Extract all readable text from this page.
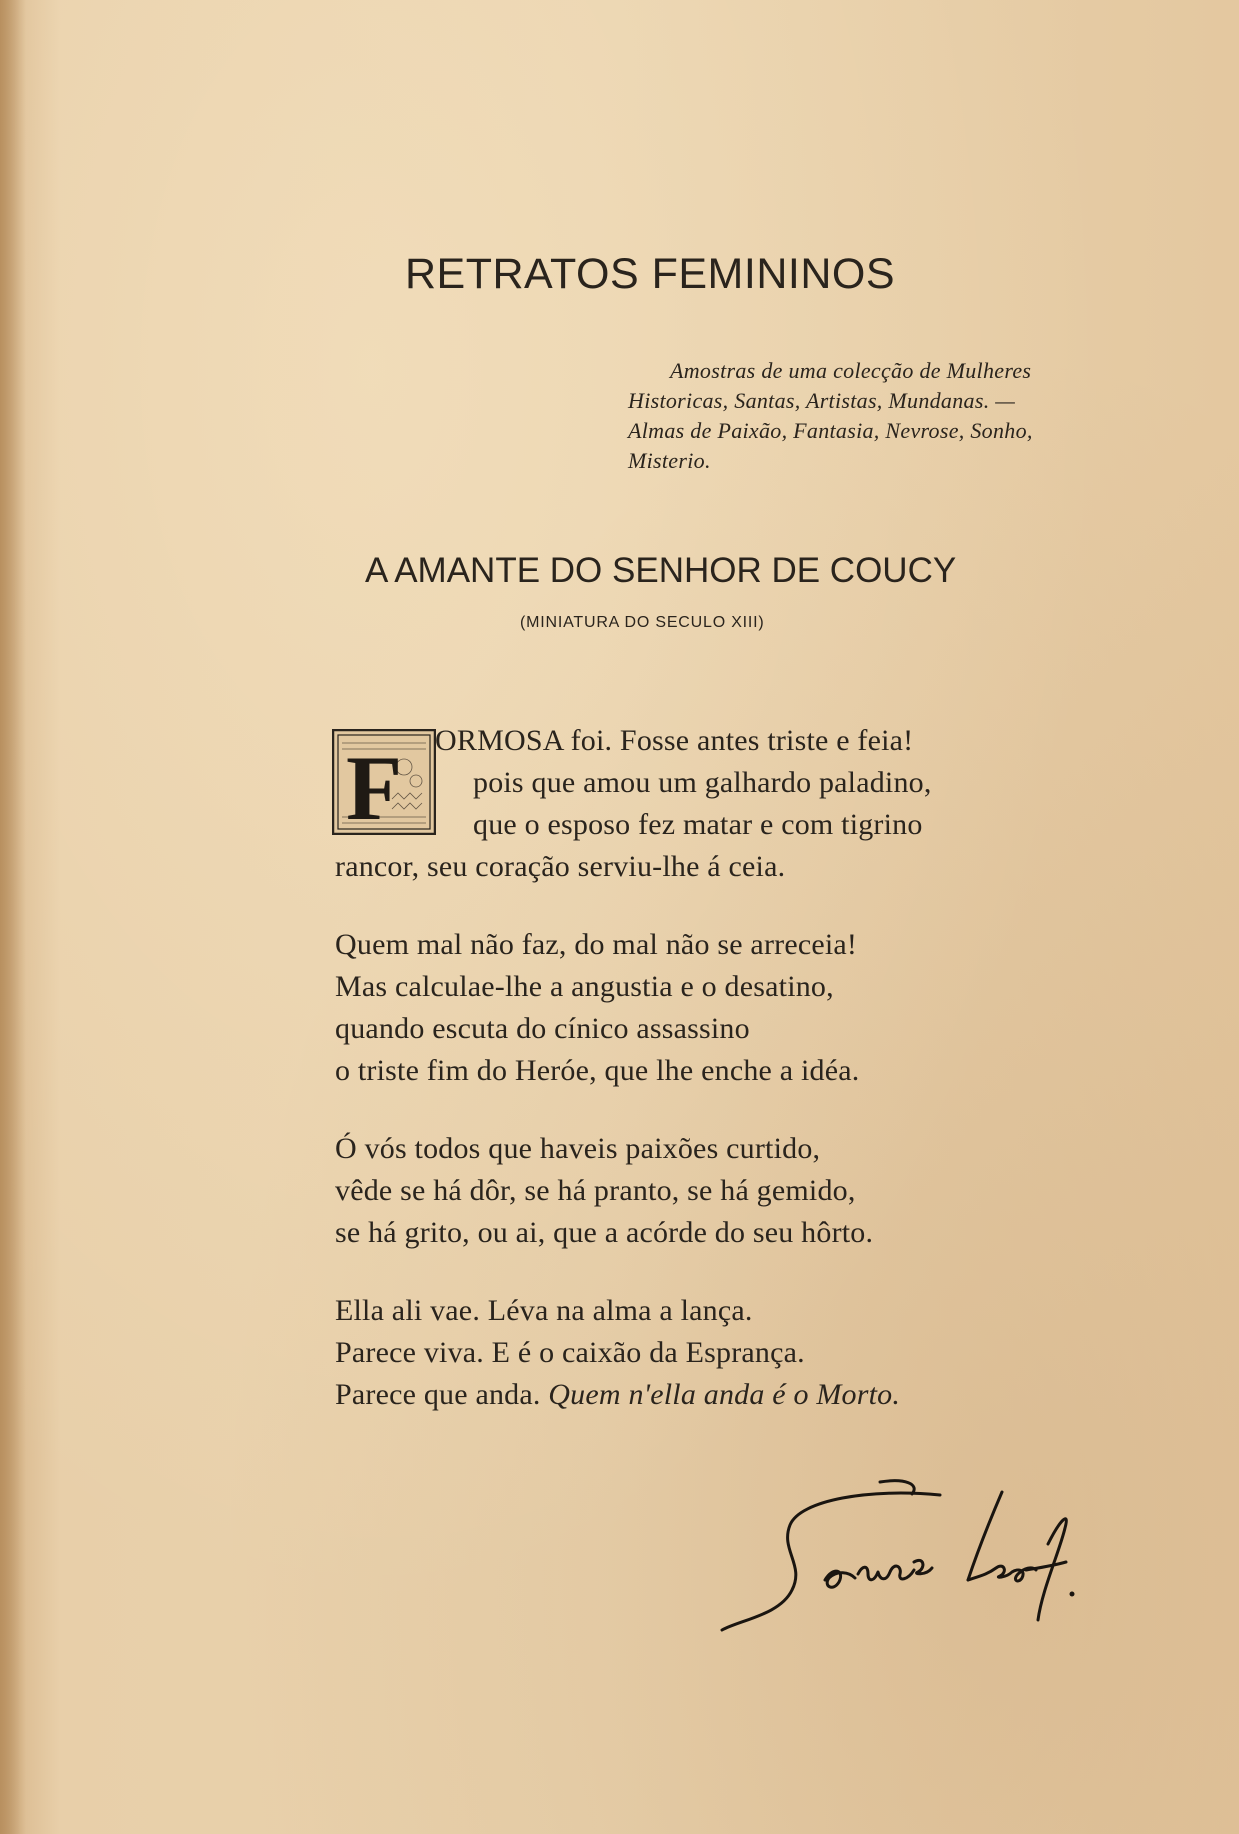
RETRATOS FEMININOS
Amostras de uma colecção de Mulheres
Historicas, Santas, Artistas, Mundanas. —
Almas de Paixão, Fantasia, Nevrose, Sonho,
Misterio.
A AMANTE DO SENHOR DE COUCY
(MINIATURA DO SECULO XIII)
F	ORMOSA foi. Fosse antes triste e feia!
pois que amou um galhardo paladino,
que o esposo fez matar e com tigrino
rancor, seu coração serviu-lhe á ceia.
Quem mal não faz, do mal não se arreceia!
Mas calculae-lhe a angustia e o desatino,
quando escuta do cínico assassino
o triste fim do Heróe, que lhe enche a idéa.
Ó vós todos que haveis paixões curtido,
vêde se há dôr, se há pranto, se há gemido,
se há grito, ou ai, que a acórde do seu hôrto.
Ella ali vae. Léva na alma a lança.
Parece viva. E é o caixão da Esprança.
Parece que anda. Quem n'ella anda é o Morto.
